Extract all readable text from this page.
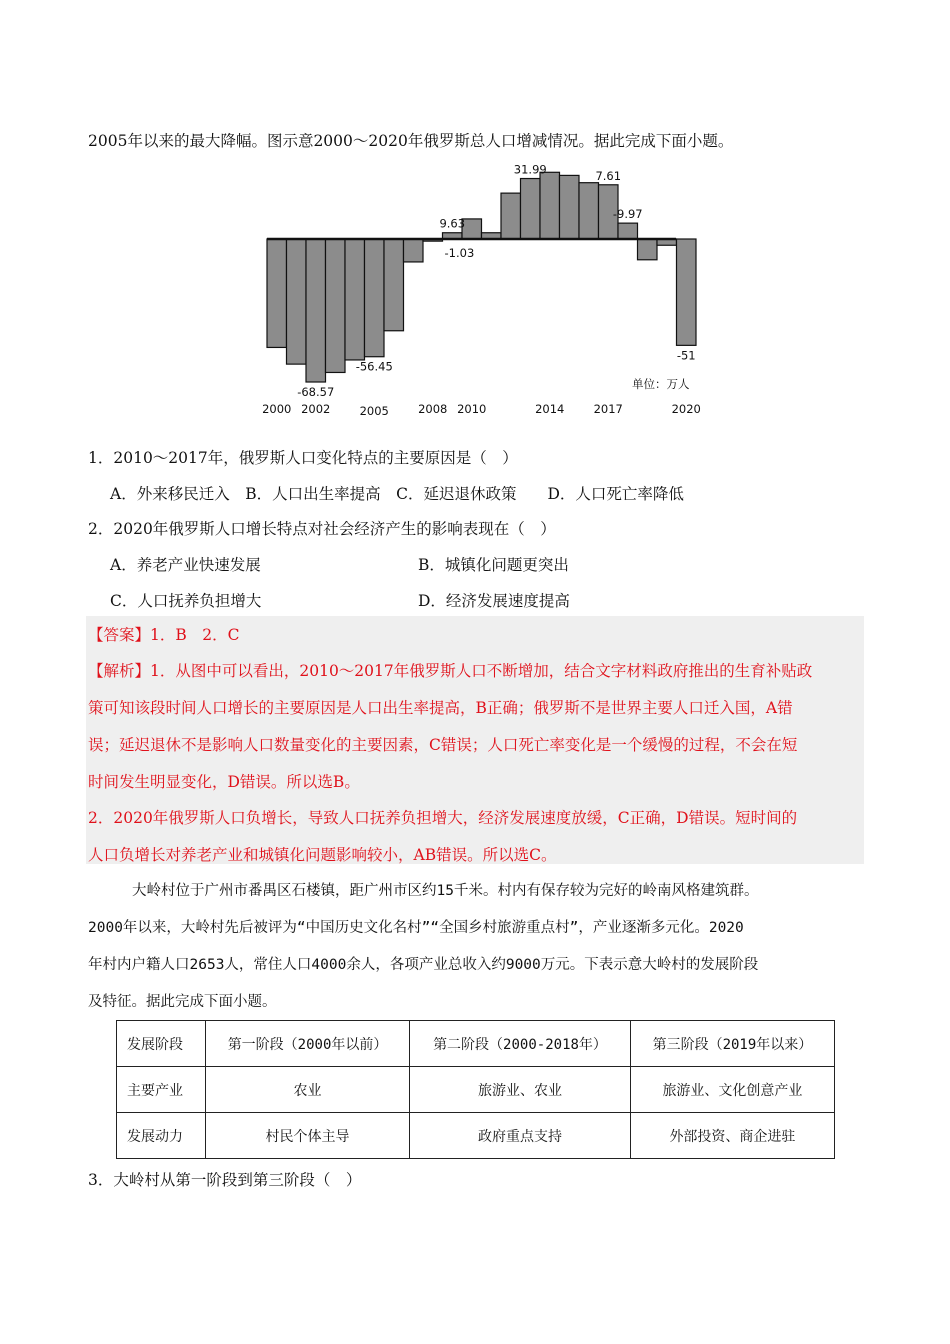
2005年以来的最大降幅。图示意2000～2020年俄罗斯总人口增减情况。据此完成下面小题。
-68.57
-56.45
-1.03
9.63
31.99	7.61
-9.97
-51
2000 2002	2005	2008 2010	2014	2017	2020
单位：万人
1．2010～2017年，俄罗斯人口变化特点的主要原因是（　）
A．外来移民迁入　B．人口出生率提高　C．延迟退休政策　　D．人口死亡率降低
2．2020年俄罗斯人口增长特点对社会经济产生的影响表现在（　）
A．养老产业快速发展	B．城镇化问题更突出
C．人口抚养负担增大	D．经济发展速度提高
【答案】1．B　2．C
【解析】1．从图中可以看出，2010～2017年俄罗斯人口不断增加，结合文字材料政府推出的生育补贴政
策可知该段时间人口增长的主要原因是人口出生率提高，B正确；俄罗斯不是世界主要人口迁入国，A错
误；延迟退休不是影响人口数量变化的主要因素，C错误；人口死亡率变化是一个缓慢的过程，不会在短
时间发生明显变化，D错误。所以选B。
2．2020年俄罗斯人口负增长，导致人口抚养负担增大，经济发展速度放缓，C正确，D错误。短时间的
人口负增长对养老产业和城镇化问题影响较小，AB错误。所以选C。
大岭村位于广州市番禺区石楼镇，距广州市区约15千米。村内有保存较为完好的岭南风格建筑群。
2000年以来，大岭村先后被评为“中国历史文化名村”“全国乡村旅游重点村”，产业逐渐多元化。2020
年村内户籍人口2653人，常住人口4000余人，各项产业总收入约9000万元。下表示意大岭村的发展阶段
及特征。据此完成下面小题。
发展阶段	第一阶段（2000年以前）	第二阶段（2000-2018年）	第三阶段（2019年以来）
主要产业	农业	旅游业、农业	旅游业、文化创意产业
发展动力	村民个体主导	政府重点支持	外部投资、商企进驻
3．大岭村从第一阶段到第三阶段（　）
